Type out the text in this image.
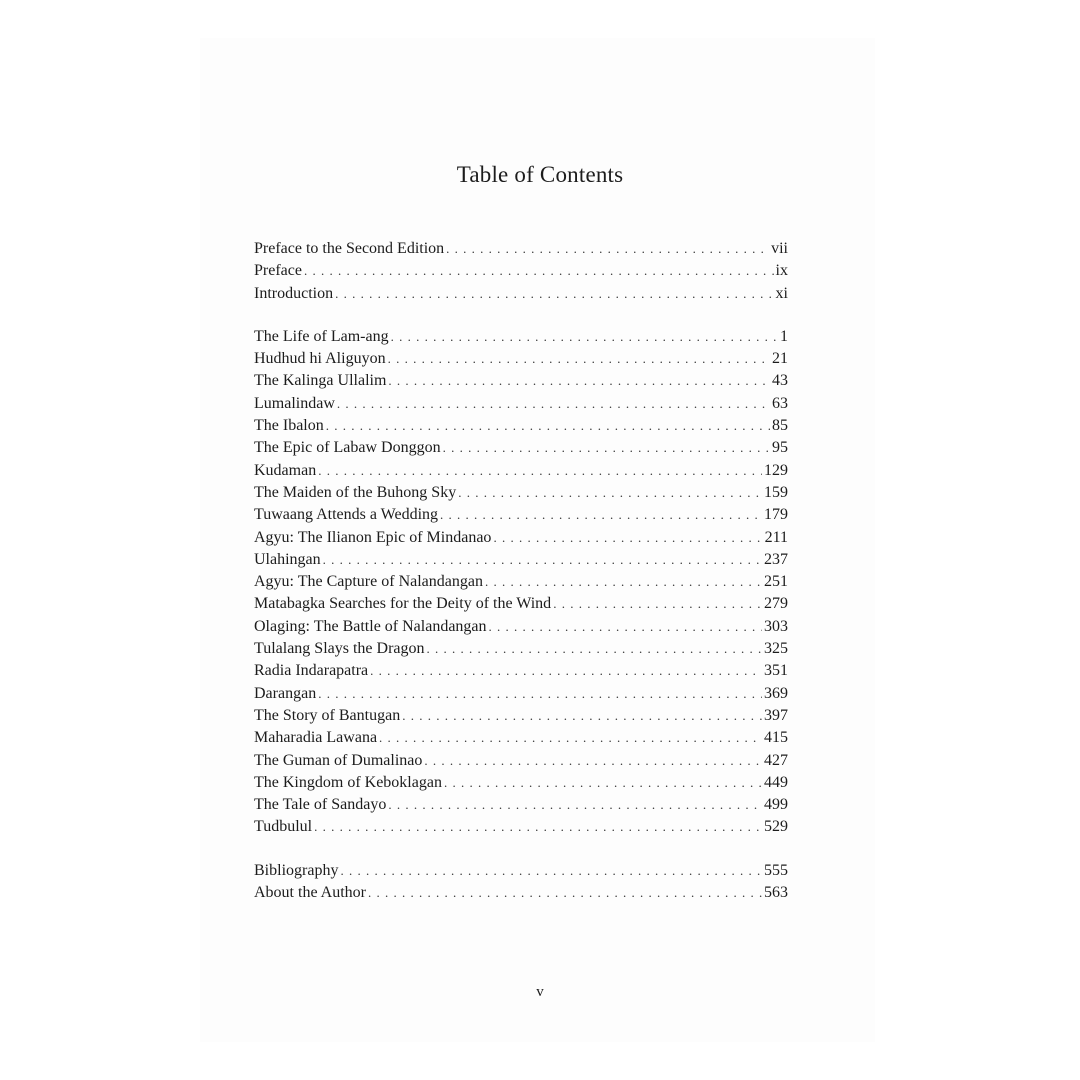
Table of Contents
Preface to the Second Edition . . .	vii
Preface . . .	ix
Introduction . . .	xi
The Life of Lam-ang . . .	1
Hudhud hi Aliguyon . . .	21
The Kalinga Ullalim . . .	43
Lumalindaw . . .	63
The Ibalon . . .	85
The Epic of Labaw Donggon . . .	95
Kudaman . . .	129
The Maiden of the Buhong Sky . . .	159
Tuwaang Attends a Wedding . . .	179
Agyu: The Ilianon Epic of Mindanao . . .	211
Ulahingan . . .	237
Agyu: The Capture of Nalandangan . . .	251
Matabagka Searches for the Deity of the Wind . . .	279
Olaging: The Battle of Nalandangan . . .	303
Tulalang Slays the Dragon . . .	325
Radia Indarapatra . . .	351
Darangan . . .	369
The Story of Bantugan . . .	397
Maharadia Lawana . . .	415
The Guman of Dumalinao . . .	427
The Kingdom of Keboklagan . . .	449
The Tale of Sandayo . . .	499
Tudbulul . . .	529
Bibliography . . .	555
About the Author . . .	563
v
